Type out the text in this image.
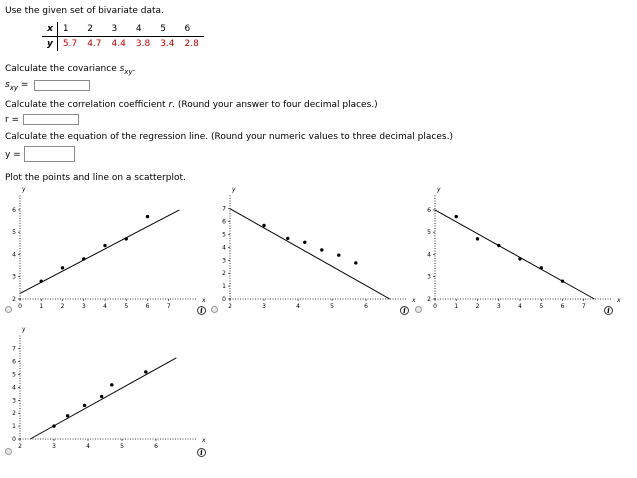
Use the given set of bivariate data.
x	1	2	3	4	5	6
y	5.7	4.7	4.4	3.8	3.4	2.8
Calculate the covariance $s_{xy}$.
$s_{xy}$ =
Calculate the correlation coefficient r. (Round your answer to four decimal places.)
r =
Calculate the equation of the regression line. (Round your numeric values to three decimal places.)
y =
Plot the points and line on a scatterplot.
x
y
0	1	2	3	4	5	6	7
2
3
4
5
6
i
x
y
2	3	4	5	6
0
1
2
3
4
5
6
7
i
x
y
0	1	2	3	4	5	6	7
2
3
4
5
6
i
x
y
2	3	4	5	6
0
1
2
3
4
5
6
7
i
